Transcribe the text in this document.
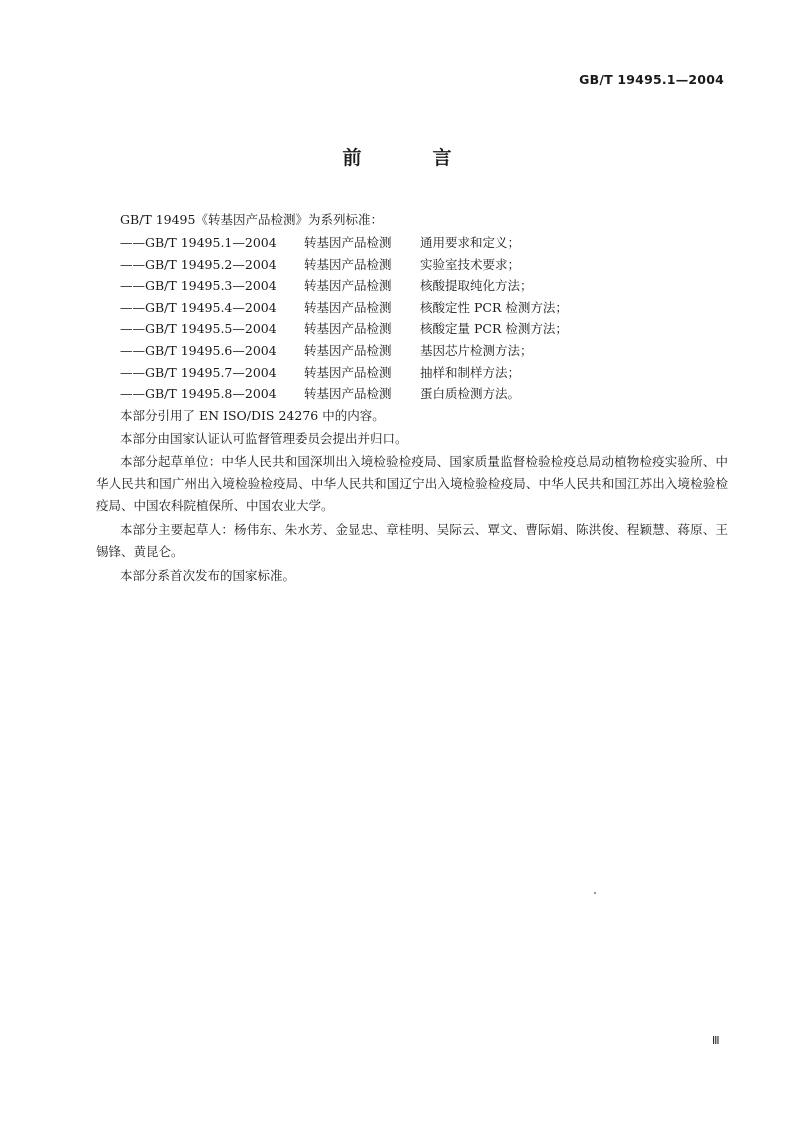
GB/T 19495.1—2004
前　言

GB/T 19495《转基因产品检测》为系列标准：

——GB/T 19495.1—2004	转基因产品检测	通用要求和定义；
——GB/T 19495.2—2004	转基因产品检测	实验室技术要求；
——GB/T 19495.3—2004	转基因产品检测	核酸提取纯化方法；
——GB/T 19495.4—2004	转基因产品检测	核酸定性 PCR 检测方法；
——GB/T 19495.5—2004	转基因产品检测	核酸定量 PCR 检测方法；
——GB/T 19495.6—2004	转基因产品检测	基因芯片检测方法；
——GB/T 19495.7—2004	转基因产品检测	抽样和制样方法；
——GB/T 19495.8—2004	转基因产品检测	蛋白质检测方法。

本部分引用了 EN ISO/DIS 24276 中的内容。

本部分由国家认证认可监督管理委员会提出并归口。

本部分起草单位：中华人民共和国深圳出入境检验检疫局、国家质量监督检验检疫总局动植物检疫实验所、中华人民共和国广州出入境检验检疫局、中华人民共和国辽宁出入境检验检疫局、中华人民共和国江苏出入境检验检疫局、中国农科院植保所、中国农业大学。

本部分主要起草人：杨伟东、朱水芳、金显忠、章桂明、吴际云、覃文、曹际娟、陈洪俊、程颖慧、蒋原、王锡锋、黄昆仑。

本部分系首次发布的国家标准。

Ⅲ
